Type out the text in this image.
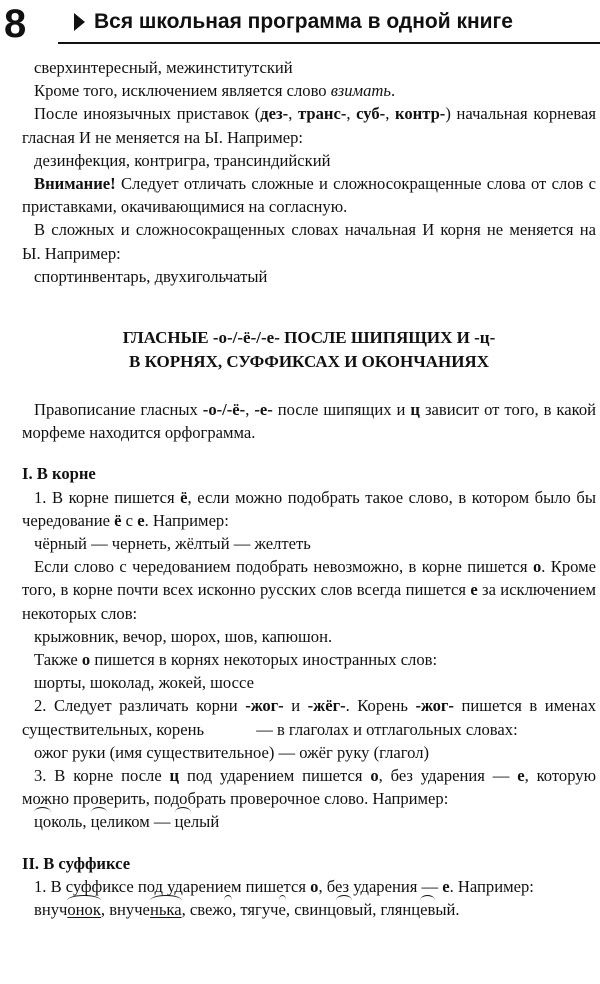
8	Вся школьная программа в одной книге

сверхинтересный, межинститутский

Кроме того, исключением является слово взимать.

После иноязычных приставок (дез-, транс-, суб-, контр-) начальная корневая гласная И не меняется на Ы. Например:

дезинфекция, контригра, трансиндийский

Внимание! Следует отличать сложные и сложносокращенные слова от слов с приставками, окачивающимися на согласную.

В сложных и сложносокращенных словах начальная И корня не меняется на Ы. Например:

спортинвентарь, двухигольчатый

ГЛАСНЫЕ -о-/-ё-/-е- ПОСЛЕ ШИПЯЩИХ И -ц-
В КОРНЯХ, СУФФИКСАХ И ОКОНЧАНИЯХ

Правописание гласных -о-/-ё-, -е- после шипящих и ц зависит от того, в какой морфеме находится орфограмма.

I. В корне

1. В корне пишется ё, если можно подобрать такое слово, в котором было бы чередование ё с е. Например:

чёрный — чернеть, жёлтый — желтеть

Если слово с чередованием подобрать невозможно, в корне пишется о. Кроме того, в корне почти всех исконно русских слов всегда пишется е за исключением некоторых слов:

крыжовник, вечор, шорох, шов, капюшон.

Также о пишется в корнях некоторых иностранных слов:

шорты, шоколад, жокей, шоссе

2. Следует различать корни -жог- и -жёг-. Корень -жог- пишется в именах существительных, корень	— в глаголах и отглагольных словах:

ожог руки (имя существительное) — ожёг руку (глагол)

3. В корне после ц под ударением пишется о, без ударения — е, которую можно проверить, подобрать проверочное слово. Например:

цоколь, целиком — целый

II. В суффиксе

1. В суффиксе под ударением пишется о, без ударения — е. Например:

внучонок, внученька, свежо, тягуче, свинцовый, глянцевый.
